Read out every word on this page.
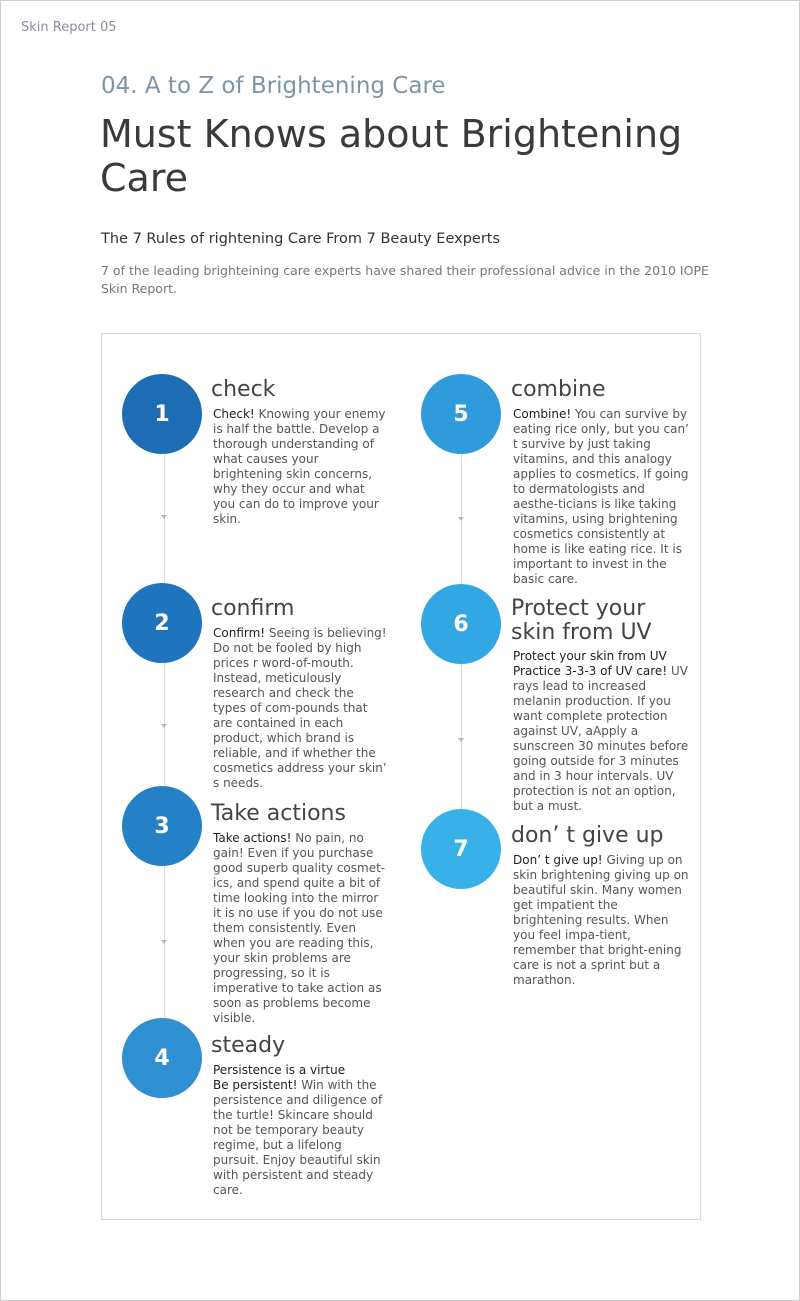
Skin Report 05
04. A to Z of Brightening Care
Must Knows about Brightening Care
The 7 Rules of rightening Care From 7 Beauty Eexperts

7 of the leading brighteining care experts have shared their professional advice in the 2010 IOPE Skin Report.

1
check
Check! Knowing your enemy is half the battle. Develop a thorough understanding of what causes your brightening skin concerns, why they occur and what you can do to improve your skin.
2
confirm
Confirm! Seeing is believing! Do not be fooled by high prices r word-of-mouth. Instead, meticulously research and check the types of com-pounds that are contained in each product, which brand is reliable, and if whether the cosmetics address your skin’ s needs.
3	Take actions
Take actions! No pain, no gain! Even if you purchase good superb quality cosmet-ics, and spend quite a bit of time looking into the mirror it is no use if you do not use them consistently. Even when you are reading this, your skin problems are progressing, so it is imperative to take action as soon as problems become visible.
4	steady
Persistence is a virtue
Be persistent! Win with the persistence and diligence of the turtle! Skincare should not be temporary beauty regime, but a lifelong pursuit. Enjoy beautiful skin with persistent and steady care.
5
combine
Combine! You can survive by eating rice only, but you can’ t survive by just taking vitamins, and this analogy applies to cosmetics. If going to dermatologists and aesthe-ticians is like taking vitamins, using brightening cosmetics consistently at home is like eating rice. It is important to invest in the basic care.
6
Protect your skin from UV
Protect your skin from UV Practice 3-3-3 of UV care! UV rays lead to increased melanin production. If you want complete protection against UV, aApply a sunscreen 30 minutes before going outside for 3 minutes and in 3 hour intervals. UV protection is not an option, but a must.
7
don’ t give up
Don’ t give up! Giving up on skin brightening giving up on beautiful skin. Many women get impatient the brightening results. When you feel impa-tient, remember that bright-ening care is not a sprint but a marathon.
